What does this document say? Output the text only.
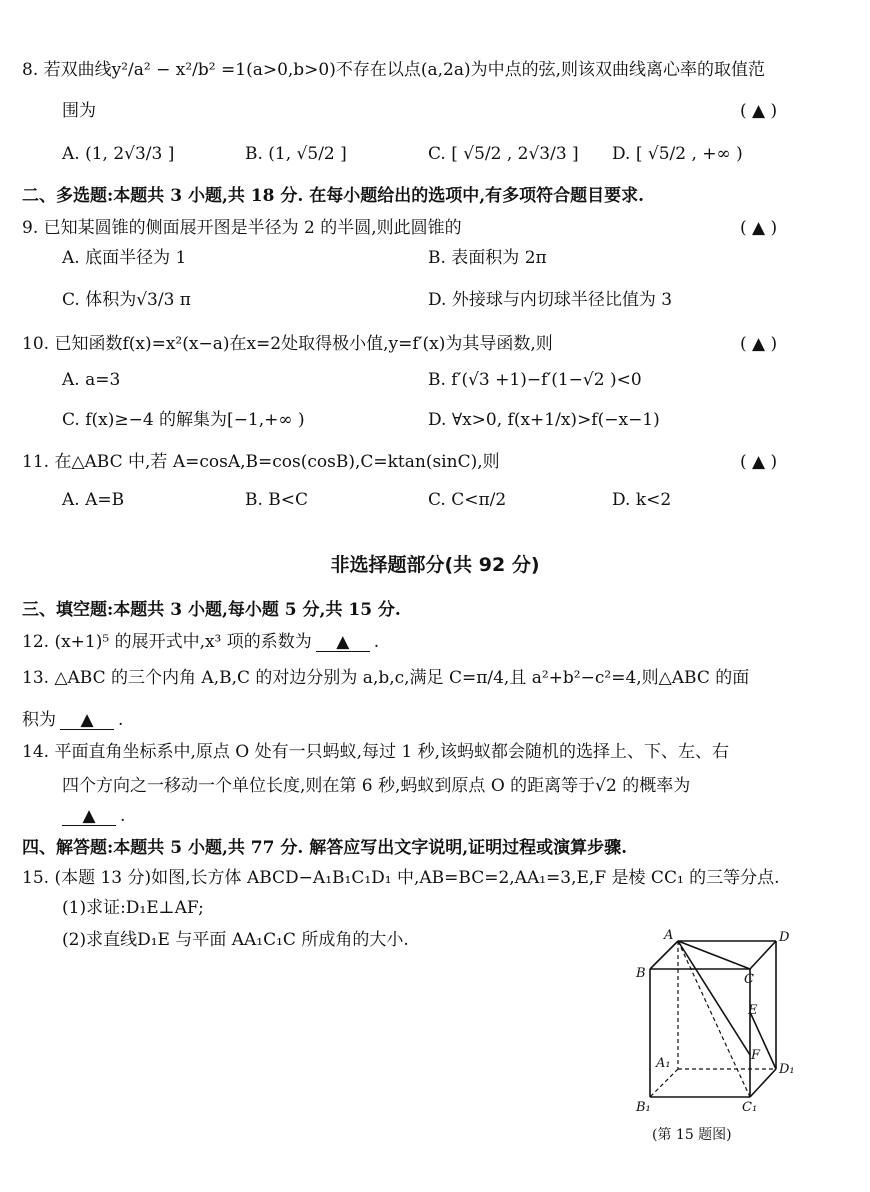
8. 若双曲线y²/a² − x²/b² =1(a>0,b>0)不存在以点(a,2a)为中点的弦,则该双曲线离心率的取值范
围为	( ▲ )
A. (1, 2√3/3 ]	B. (1, √5/2 ]	C. [ √5/2 , 2√3/3 ] D. [ √5/2 , +∞ )
二、多选题:本题共 3 小题,共 18 分. 在每小题给出的选项中,有多项符合题目要求.
9. 已知某圆锥的侧面展开图是半径为 2 的半圆,则此圆锥的	( ▲ )
A. 底面半径为 1	B. 表面积为 2π
C. 体积为√3/3 π	D. 外接球与内切球半径比值为 3
10. 已知函数f(x)=x²(x−a)在x=2处取得极小值,y=f′(x)为其导函数,则	( ▲ )
A. a=3	B. f′(√3 +1)−f′(1−√2 )<0
C. f(x)≥−4 的解集为[−1,+∞ )	D. ∀x>0, f(x+1/x)>f(−x−1)
11. 在△ABC 中,若 A=cosA,B=cos(cosB),C=ktan(sinC),则	( ▲ )
A. A=B	B. B<C	C. C<π/2	D. k<2
非选择题部分(共 92 分)
三、填空题:本题共 3 小题,每小题 5 分,共 15 分.
12. (x+1)⁵ 的展开式中,x³ 项的系数为 ▲ .
13. △ABC 的三个内角 A,B,C 的对边分别为 a,b,c,满足 C=π/4,且 a²+b²−c²=4,则△ABC 的面
积为 ▲ .
14. 平面直角坐标系中,原点 O 处有一只蚂蚁,每过 1 秒,该蚂蚁都会随机的选择上、下、左、右
四个方向之一移动一个单位长度,则在第 6 秒,蚂蚁到原点 O 的距离等于√2 的概率为
▲ .
四、解答题:本题共 5 小题,共 77 分. 解答应写出文字说明,证明过程或演算步骤.
15. (本题 13 分)如图,长方体 ABCD−A₁B₁C₁D₁ 中,AB=BC=2,AA₁=3,E,F 是棱 CC₁ 的三等分点.
(1)求证:D₁E⊥AF;
(2)求直线D₁E 与平面 AA₁C₁C 所成角的大小.	A	D
B	C
E
F
A₁	D₁
B₁	C₁
(第 15 题图)
